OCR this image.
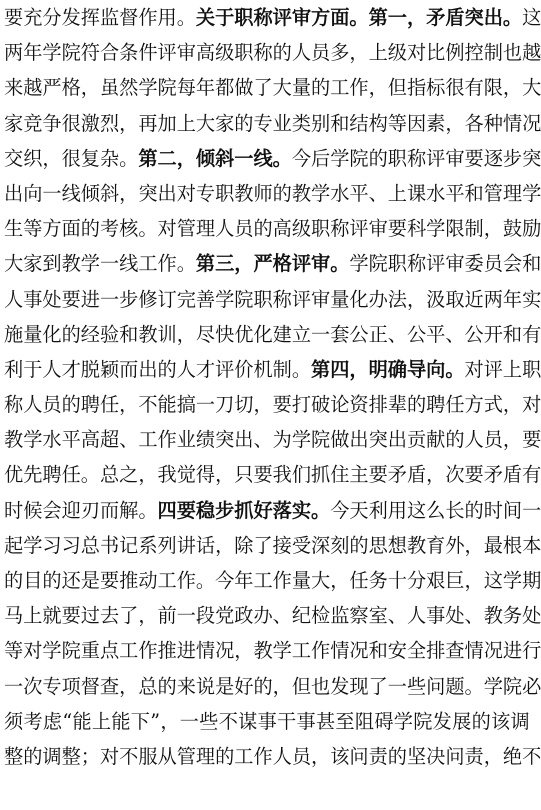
要 充 分 发 挥 监 督 作 用 。 关 于 职 称 评 审 方 面 。 第 一 ， 矛 盾 突 出 。 这
两 年 学 院 符 合 条 件 评 审 高 级 职 称 的 人 员 多 ， 上 级 对 比 例 控 制 也 越
来 越 严 格 ， 虽 然 学 院 每 年 都 做 了 大 量 的 工 作 ， 但 指 标 很 有 限 ， 大
家 竞 争 很 激 烈 ， 再 加 上 大 家 的 专 业 类 别 和 结 构 等 因 素 ， 各 种 情 况
交 织 ， 很 复 杂 。 第 二 ， 倾 斜 一 线 。 今 后 学 院 的 职 称 评 审 要 逐 步 突
出 向 一 线 倾 斜 ， 突 出 对 专 职 教 师 的 教 学 水 平 、 上 课 水 平 和 管 理 学
生 等 方 面 的 考 核 。 对 管 理 人 员 的 高 级 职 称 评 审 要 科 学 限 制 ， 鼓 励
大 家 到 教 学 一 线 工 作 。 第 三 ， 严 格 评 审 。 学 院 职 称 评 审 委 员 会 和
人 事 处 要 进 一 步 修 订 完 善 学 院 职 称 评 审 量 化 办 法 ， 汲 取 近 两 年 实
施 量 化 的 经 验 和 教 训 ， 尽 快 优 化 建 立 一 套 公 正 、 公 平 、 公 开 和 有
利 于 人 才 脱 颖 而 出 的 人 才 评 价 机 制 。 第 四 ， 明 确 导 向 。 对 评 上 职
称 人 员 的 聘 任 ， 不 能 搞 一 刀 切 ， 要 打 破 论 资 排 辈 的 聘 任 方 式 ， 对
教 学 水 平 高 超 、 工 作 业 绩 突 出 、 为 学 院 做 出 突 出 贡 献 的 人 员 ， 要
优 先 聘 任 。 总 之 ， 我 觉 得 ， 只 要 我 们 抓 住 主 要 矛 盾 ， 次 要 矛 盾 有
时 候 会 迎 刃 而 解 。 四 要 稳 步 抓 好 落 实 。 今 天 利 用 这 么 长 的 时 间 一
起 学 习 习 总 书 记 系 列 讲 话 ， 除 了 接 受 深 刻 的 思 想 教 育 外 ， 最 根 本
的 目 的 还 是 要 推 动 工 作 。 今 年 工 作 量 大 ， 任 务 十 分 艰 巨 ， 这 学 期
马 上 就 要 过 去 了 ， 前 一 段 党 政 办 、 纪 检 监 察 室 、 人 事 处 、 教 务 处
等 对 学 院 重 点 工 作 推 进 情 况 ， 教 学 工 作 情 况 和 安 全 排 查 情 况 进 行
一 次 专 项 督 查 ， 总 的 来 说 是 好 的 ， 但 也 发 现 了 一 些 问 题 。 学 院 必
须 考 虑 “ 能 上 能 下 ” ， 一 些 不 谋 事 干 事 甚 至 阻 碍 学 院 发 展 的 该 调
整 的 调 整 ； 对 不 服 从 管 理 的 工 作 人 员 ， 该 问 责 的 坚 决 问 责 ， 绝 不
